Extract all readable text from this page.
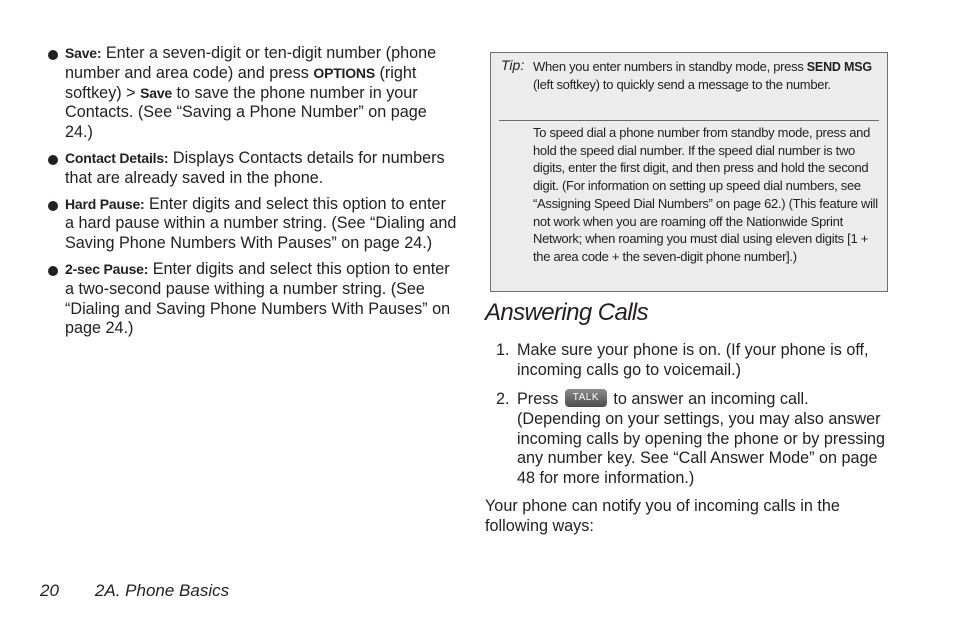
Save: Enter a seven-digit or ten-digit number (phone number and area code) and press OPTIONS (right softkey) > Save to save the phone number in your Contacts. (See “Saving a Phone Number” on page 24.)
Contact Details: Displays Contacts details for numbers that are already saved in the phone.
Hard Pause: Enter digits and select this option to enter a hard pause within a number string. (See “Dialing and Saving Phone Numbers With Pauses” on page 24.)
2-sec Pause: Enter digits and select this option to enter a two-second pause withing a number string. (See “Dialing and Saving Phone Numbers With Pauses” on page 24.)
Tip: When you enter numbers in standby mode, press SEND MSG (left softkey) to quickly send a message to the number.
To speed dial a phone number from standby mode, press and hold the speed dial number. If the speed dial number is two digits, enter the first digit, and then press and hold the second digit. (For information on setting up speed dial numbers, see “Assigning Speed Dial Numbers” on page 62.) (This feature will not work when you are roaming off the Nationwide Sprint Network; when roaming you must dial using eleven digits [1 + the area code + the seven-digit phone number].)
Answering Calls
1. Make sure your phone is on. (If your phone is off, incoming calls go to voicemail.)
2. Press TALK to answer an incoming call. (Depending on your settings, you may also answer incoming calls by opening the phone or by pressing any number key. See “Call Answer Mode” on page 48 for more information.)
Your phone can notify you of incoming calls in the following ways:
20 2A. Phone Basics
